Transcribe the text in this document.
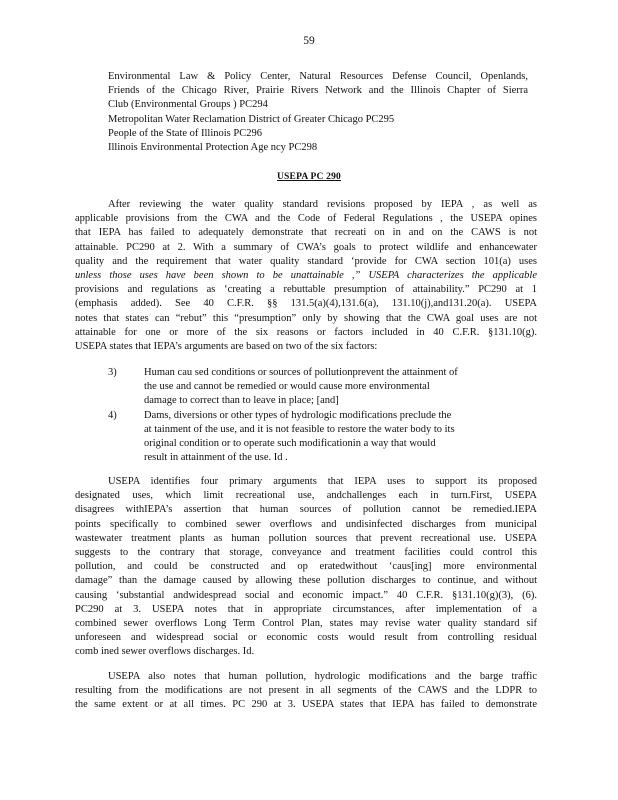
59
Environmental Law & Policy Center, Natural Resources Defense Council, Openlands,
Friends of the Chicago River, Prairie Rivers Network and the Illinois Chapter of Sierra
Club (Environmental Groups ) PC294
Metropolitan Water Reclamation District of Greater Chicago PC295
People of the State of Illinois PC296
Illinois Environmental Protection Age ncy PC298
USEPA PC 290
After reviewing the water quality standard revisions proposed by IEPA , as well as
applicable provisions from the CWA and the Code of Federal Regulations , the USEPA opines
that IEPA has failed to adequately demonstrate that recreati on in and on the CAWS is not
attainable. PC290 at 2. With a summary of CWA’s goals to protect wildlife and enhancewater
quality and the requirement that water quality standard ‘provide for CWA section 101(a) uses
unless those uses have been shown to be unattainable ,” USEPA characterizes the applicable
provisions and regulations as ‘creating a rebuttable presumption of attainability.” PC290 at 1
(emphasis added). See 40 C.F.R. §§ 131.5(a)(4),131.6(a), 131.10(j),and131.20(a). USEPA
notes that states can “rebut” this “presumption” only by showing that the CWA goal uses are not
attainable for one or more of the six reasons or factors included in 40 C.F.R. §131.10(g).
USEPA states that IEPA’s arguments are based on two of the six factors:
3)	Human cau sed conditions or sources of pollutionprevent the attainment of
the use and cannot be remedied or would cause more environmental
damage to correct than to leave in place; [and]
4)	Dams, diversions or other types of hydrologic modifications preclude the
at tainment of the use, and it is not feasible to restore the water body to its
original condition or to operate such modificationin a way that would
result in attainment of the use. Id .
USEPA identifies four primary arguments that IEPA uses to support its proposed
designated uses, which limit recreational use, andchallenges each in turn.First, USEPA
disagrees withIEPA’s assertion that human sources of pollution cannot be remedied.IEPA
points specifically to combined sewer overflows and undisinfected discharges from municipal
wastewater treatment plants as human pollution sources that prevent recreational use. USEPA
suggests to the contrary that storage, conveyance and treatment facilities could control this
pollution, and could be constructed and op eratedwithout ‘caus[ing] more environmental
damage” than the damage caused by allowing these pollution discharges to continue, and without
causing ‘substantial andwidespread social and economic impact.” 40 C.F.R. §131.10(g)(3), (6).
PC290 at 3. USEPA notes that in appropriate circumstances, after implementation of a
combined sewer overflows Long Term Control Plan, states may revise water quality standard sif
unforeseen and widespread social or economic costs would result from controlling residual
comb ined sewer overflows discharges. Id.
USEPA also notes that human pollution, hydrologic modifications and the barge traffic
resulting from the modifications are not present in all segments of the CAWS and the LDPR to
the same extent or at all times. PC 290 at 3. USEPA states that IEPA has failed to demonstrate
